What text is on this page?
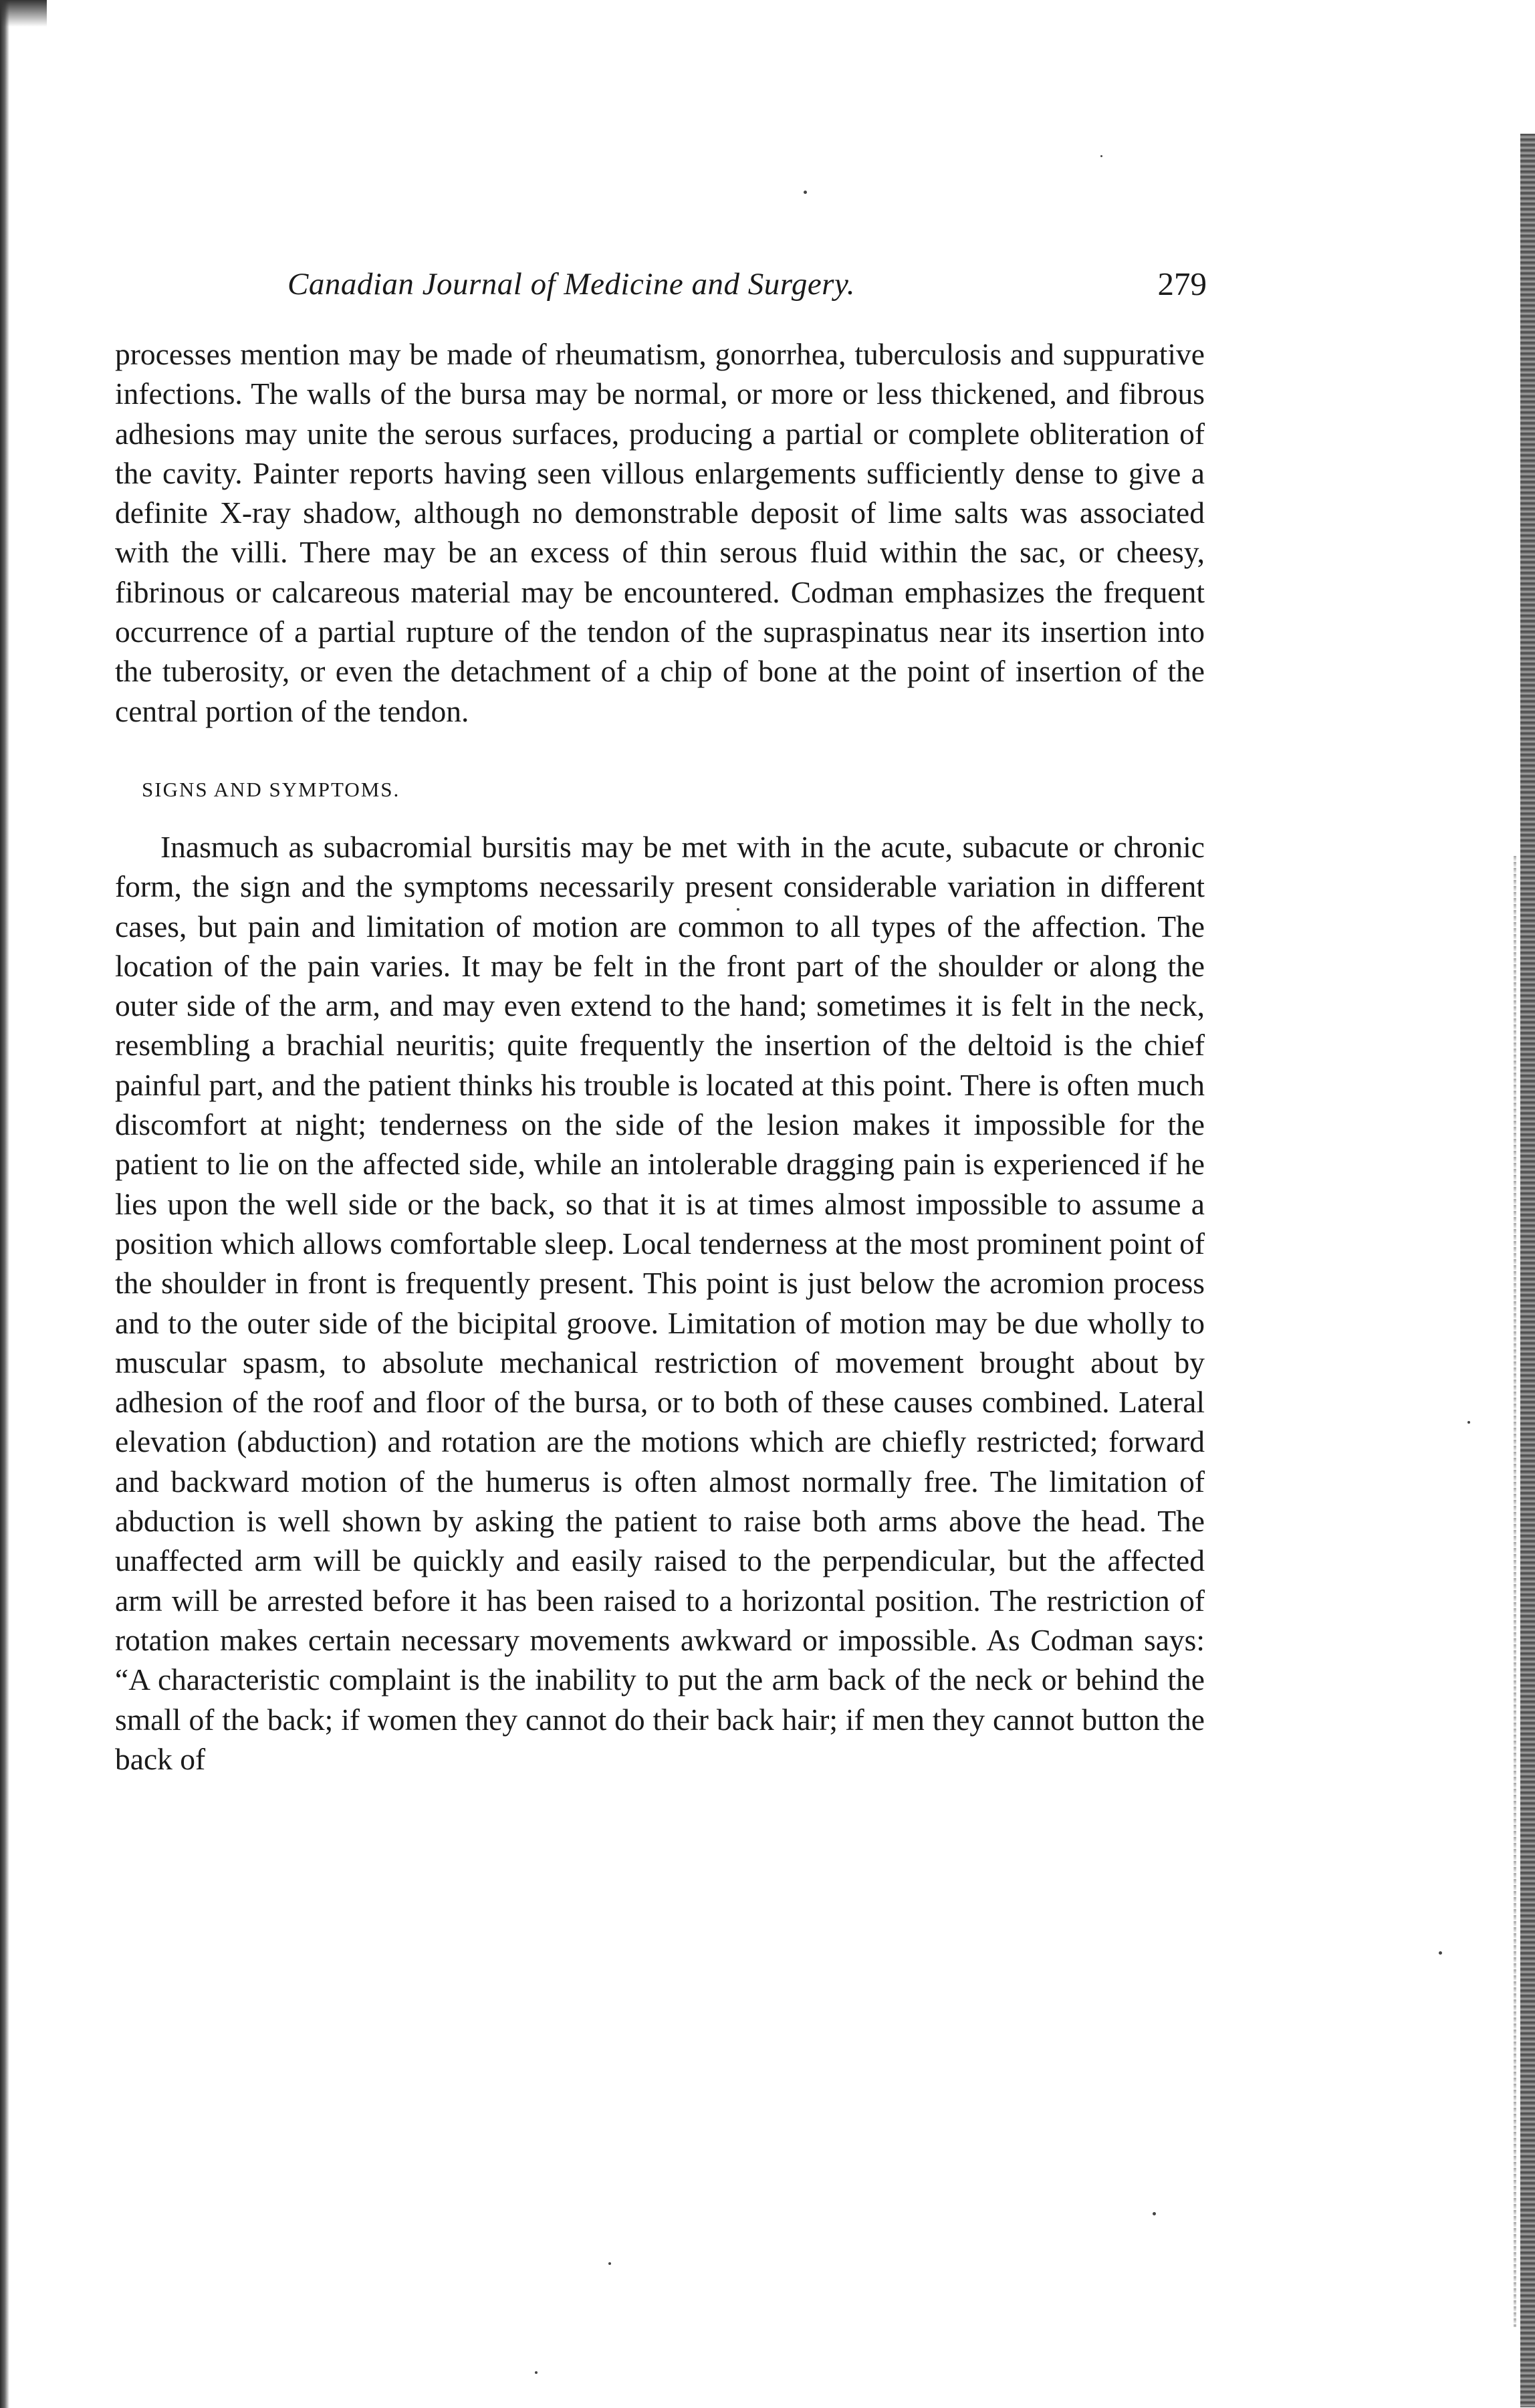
Canadian Journal of Medicine and Surgery.	279

processes mention may be made of rheumatism, gonorrhea, tuberculosis and suppurative infections. The walls of the bursa may be normal, or more or less thickened, and fibrous adhesions may unite the serous surfaces, producing a partial or complete obliteration of the cavity. Painter reports having seen villous enlargements sufficiently dense to give a definite X-ray shadow, although no demonstrable deposit of lime salts was associated with the villi. There may be an excess of thin serous fluid within the sac, or cheesy, fibrinous or calcareous material may be encountered. Codman emphasizes the frequent occurrence of a partial rupture of the tendon of the supraspinatus near its insertion into the tuberosity, or even the detachment of a chip of bone at the point of insertion of the central portion of the tendon.

SIGNS AND SYMPTOMS.

Inasmuch as subacromial bursitis may be met with in the acute, subacute or chronic form, the sign and the symptoms necessarily present considerable variation in different cases, but pain and limitation of motion are common to all types of the affection. The location of the pain varies. It may be felt in the front part of the shoulder or along the outer side of the arm, and may even extend to the hand; sometimes it is felt in the neck, resembling a brachial neuritis; quite frequently the insertion of the deltoid is the chief painful part, and the patient thinks his trouble is located at this point. There is often much discomfort at night; tenderness on the side of the lesion makes it impossible for the patient to lie on the affected side, while an intolerable dragging pain is experienced if he lies upon the well side or the back, so that it is at times almost impossible to assume a position which allows comfortable sleep. Local tenderness at the most prominent point of the shoulder in front is frequently present. This point is just below the acromion process and to the outer side of the bicipital groove. Limitation of motion may be due wholly to muscular spasm, to absolute mechanical restriction of movement brought about by adhesion of the roof and floor of the bursa, or to both of these causes combined. Lateral elevation (abduction) and rotation are the motions which are chiefly restricted; forward and backward motion of the humerus is often almost normally free. The limitation of abduction is well shown by asking the patient to raise both arms above the head. The unaffected arm will be quickly and easily raised to the perpendicular, but the affected arm will be arrested before it has been raised to a horizontal position. The restriction of rotation makes certain necessary movements awkward or impossible. As Codman says: “A characteristic complaint is the inability to put the arm back of the neck or behind the small of the back; if women they cannot do their back hair; if men they cannot button the back of
